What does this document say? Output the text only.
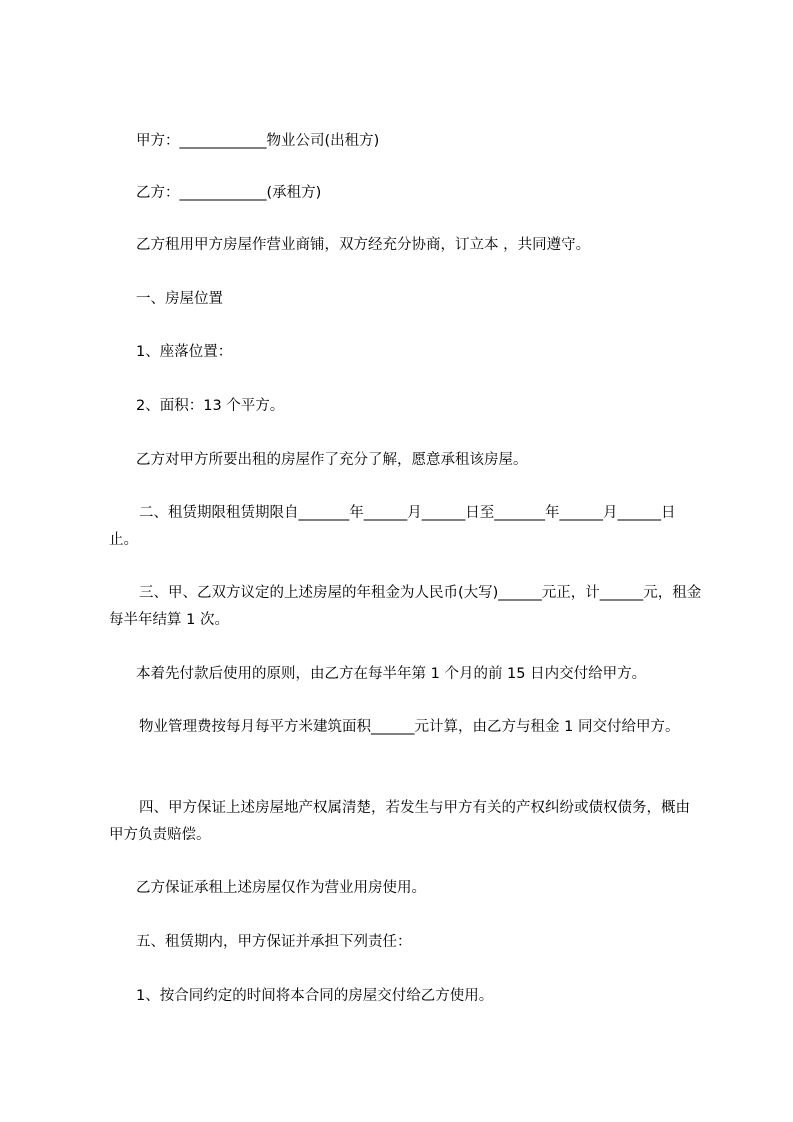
甲方：____________物业公司(出租方)

乙方：____________(承租方)

乙方租用甲方房屋作营业商铺，双方经充分协商，订立本 ，共同遵守。

一、房屋位置

1、座落位置：

2、面积：13 个平方。

乙方对甲方所要出租的房屋作了充分了解，愿意承租该房屋。

二、租赁期限租赁期限自_______年______月______日至_______年______月______日止。

三、甲、乙双方议定的上述房屋的年租金为人民币(大写)______元正，计______元，租金每半年结算 1 次。

本着先付款后使用的原则，由乙方在每半年第 1 个月的前 15 日内交付给甲方。

物业管理费按每月每平方米建筑面积______元计算，由乙方与租金 1 同交付给甲方。

四、甲方保证上述房屋地产权属清楚，若发生与甲方有关的产权纠纷或债权债务，概由甲方负责赔偿。

乙方保证承租上述房屋仅作为营业用房使用。

五、租赁期内，甲方保证并承担下列责任：

1、按合同约定的时间将本合同的房屋交付给乙方使用。
